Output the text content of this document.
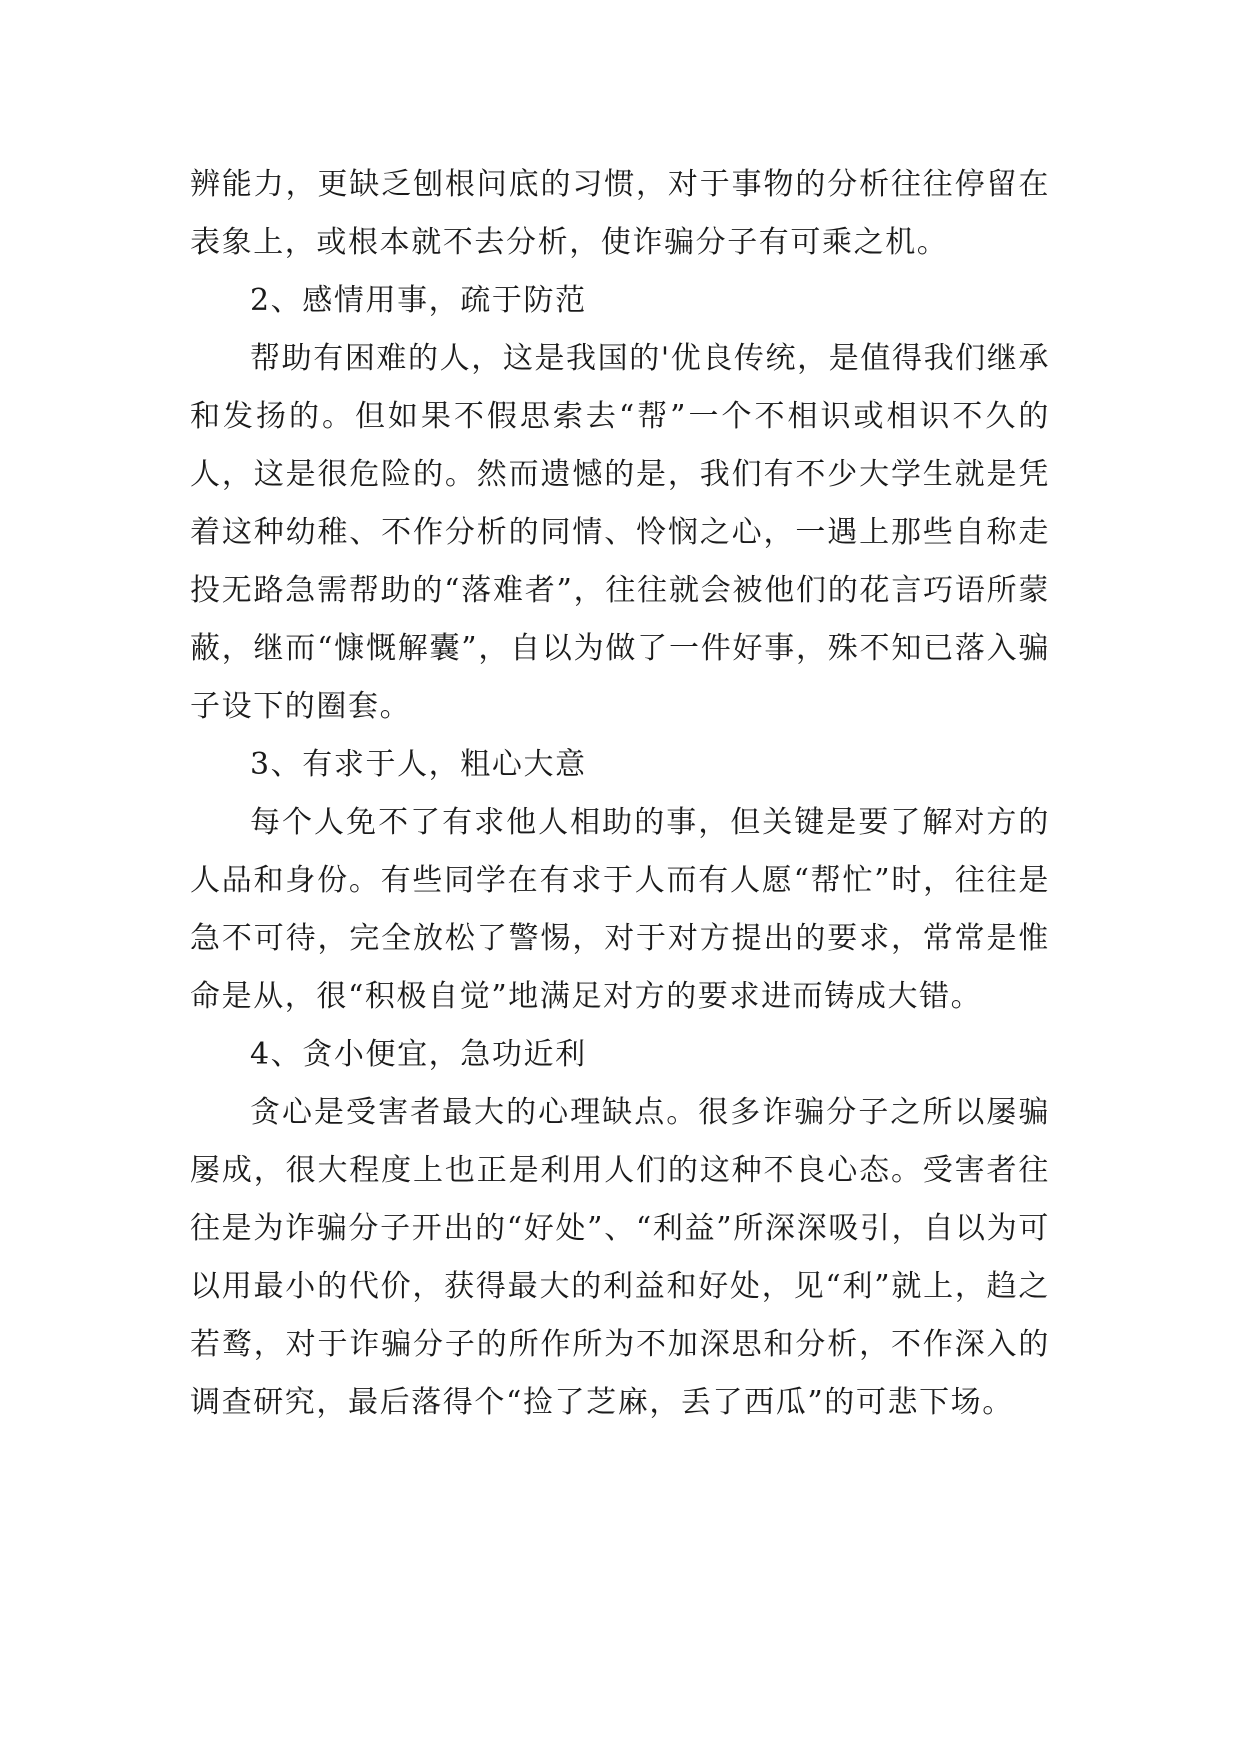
辨能力，更缺乏刨根问底的习惯，对于事物的分析往往停留在表象上，或根本就不去分析，使诈骗分子有可乘之机。

2、感情用事，疏于防范

帮助有困难的人，这是我国的'优良传统，是值得我们继承和发扬的。但如果不假思索去“帮”一个不相识或相识不久的人，这是很危险的。然而遗憾的是，我们有不少大学生就是凭着这种幼稚、不作分析的同情、怜悯之心，一遇上那些自称走投无路急需帮助的“落难者”，往往就会被他们的花言巧语所蒙蔽，继而“慷慨解囊”，自以为做了一件好事，殊不知已落入骗子设下的圈套。

3、有求于人，粗心大意

每个人免不了有求他人相助的事，但关键是要了解对方的人品和身份。有些同学在有求于人而有人愿“帮忙”时，往往是急不可待，完全放松了警惕，对于对方提出的要求，常常是惟命是从，很“积极自觉”地满足对方的要求进而铸成大错。

4、贪小便宜，急功近利

贪心是受害者最大的心理缺点。很多诈骗分子之所以屡骗屡成，很大程度上也正是利用人们的这种不良心态。受害者往往是为诈骗分子开出的“好处”、“利益”所深深吸引，自以为可以用最小的代价，获得最大的利益和好处，见“利”就上，趋之若鹜，对于诈骗分子的所作所为不加深思和分析，不作深入的调查研究，最后落得个“捡了芝麻，丢了西瓜”的可悲下场。
